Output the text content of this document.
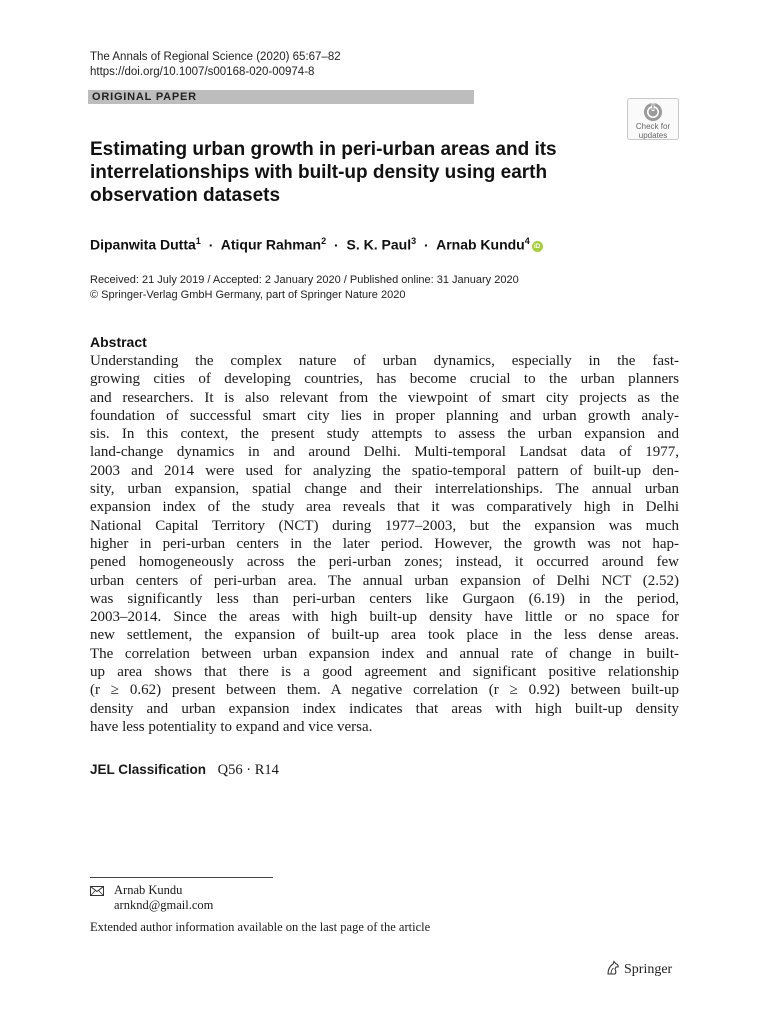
The Annals of Regional Science (2020) 65:67–82
https://doi.org/10.1007/s00168-020-00974-8
ORIGINAL PAPER
Check for
updates
Estimating urban growth in peri-urban areas and its interrelationships with built-up density using earth observation datasets
Dipanwita Dutta$^1$ · Atiqur Rahman$^2$ · S. K. Paul$^3$ · Arnab Kundu$^4$iD
Received: 21 July 2019 / Accepted: 2 January 2020 / Published online: 31 January 2020
© Springer-Verlag GmbH Germany, part of Springer Nature 2020
Abstract
Understanding the complex nature of urban dynamics, especially in the fast-
growing cities of developing countries, has become crucial to the urban planners
and researchers. It is also relevant from the viewpoint of smart city projects as the
foundation of successful smart city lies in proper planning and urban growth analy-
sis. In this context, the present study attempts to assess the urban expansion and
land-change dynamics in and around Delhi. Multi-temporal Landsat data of 1977,
2003 and 2014 were used for analyzing the spatio-temporal pattern of built-up den-
sity, urban expansion, spatial change and their interrelationships. The annual urban
expansion index of the study area reveals that it was comparatively high in Delhi
National Capital Territory (NCT) during 1977–2003, but the expansion was much
higher in peri-urban centers in the later period. However, the growth was not hap-
pened homogeneously across the peri-urban zones; instead, it occurred around few
urban centers of peri-urban area. The annual urban expansion of Delhi NCT (2.52)
was significantly less than peri-urban centers like Gurgaon (6.19) in the period,
2003–2014. Since the areas with high built-up density have little or no space for
new settlement, the expansion of built-up area took place in the less dense areas.
The correlation between urban expansion index and annual rate of change in built-
up area shows that there is a good agreement and significant positive relationship
(r ≥ 0.62) present between them. A negative correlation (r ≥ 0.92) between built-up
density and urban expansion index indicates that areas with high built-up density
have less potentiality to expand and vice versa.
JEL Classification Q56 · R14
Arnab Kundu
arnknd@gmail.com
Extended author information available on the last page of the article
Springer
